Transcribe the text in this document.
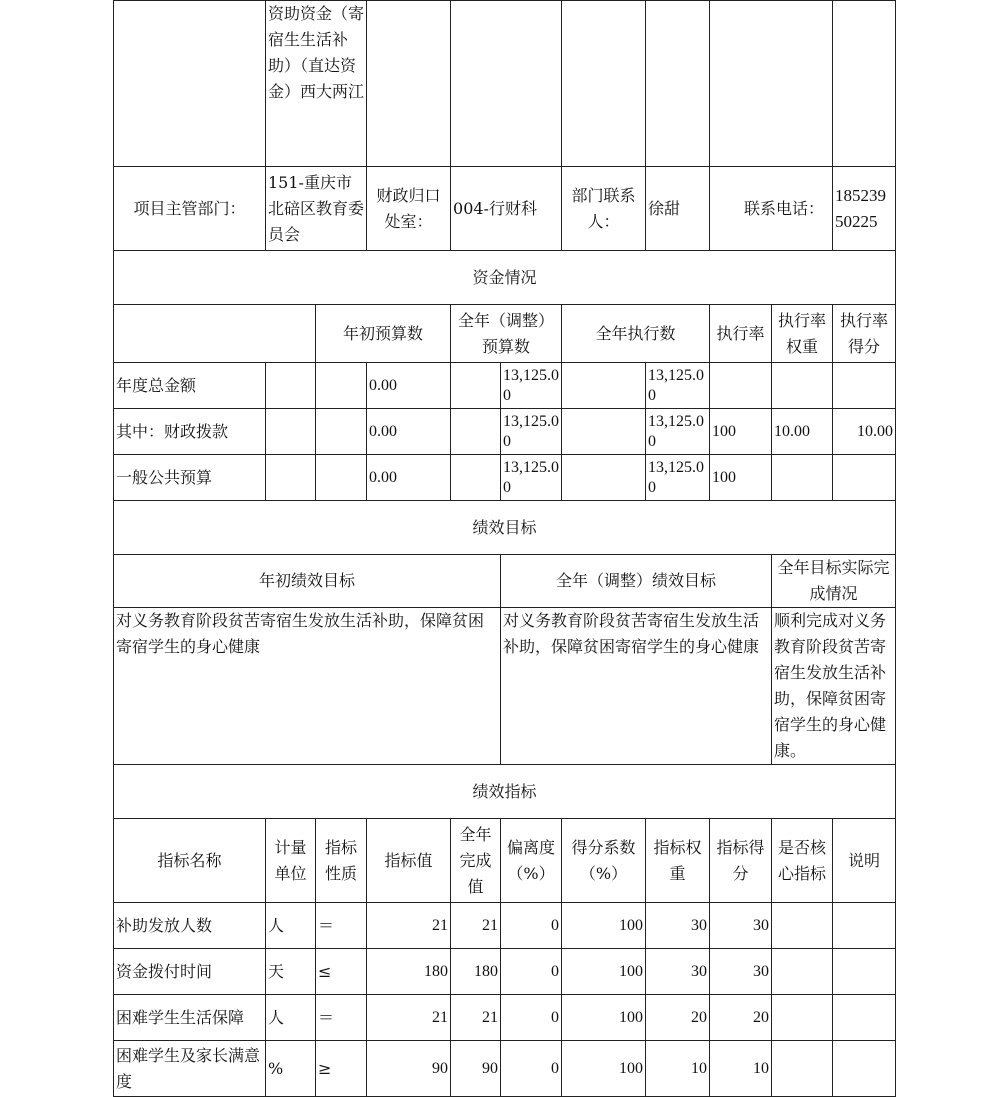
	资助资金（寄宿生生活补助）（直达资金）西大两江									
项目主管部门：	151-重庆市北碚区教育委员会		财政归口处室：	004-行财科		部门联系人：	徐甜	联系电话：		18523950225
资金情况										
		年初预算数		全年（调整）预算数		全年执行数		执行率	执行率权重	执行率得分
年度总金额			0.00		13,125.00		13,125.00			
其中：财政拨款			0.00		13,125.00		13,125.00	100	10.00	10.00
一般公共预算			0.00		13,125.00		13,125.00	100		
绩效目标										
年初绩效目标					全年（调整）绩效目标				全年目标实际完成情况	
对义务教育阶段贫苦寄宿生发放生活补助，保障贫困寄宿学生的身心健康					对义务教育阶段贫苦寄宿生发放生活补助，保障贫困寄宿学生的身心健康				顺利完成对义务教育阶段贫苦寄宿生发放生活补助，保障贫困寄宿学生的身心健康。	
绩效指标										
指标名称	计量单位	指标性质	指标值	全年完成值	偏离度（%）	得分系数（%）	指标权重	指标得分	是否核心指标	说明
补助发放人数	人	＝	21	21	0	100	30	30		
资金拨付时间	天	≤	180	180	0	100	30	30		
困难学生生活保障	人	＝	21	21	0	100	20	20		
困难学生及家长满意度	%	≥	90	90	0	100	10	10		
